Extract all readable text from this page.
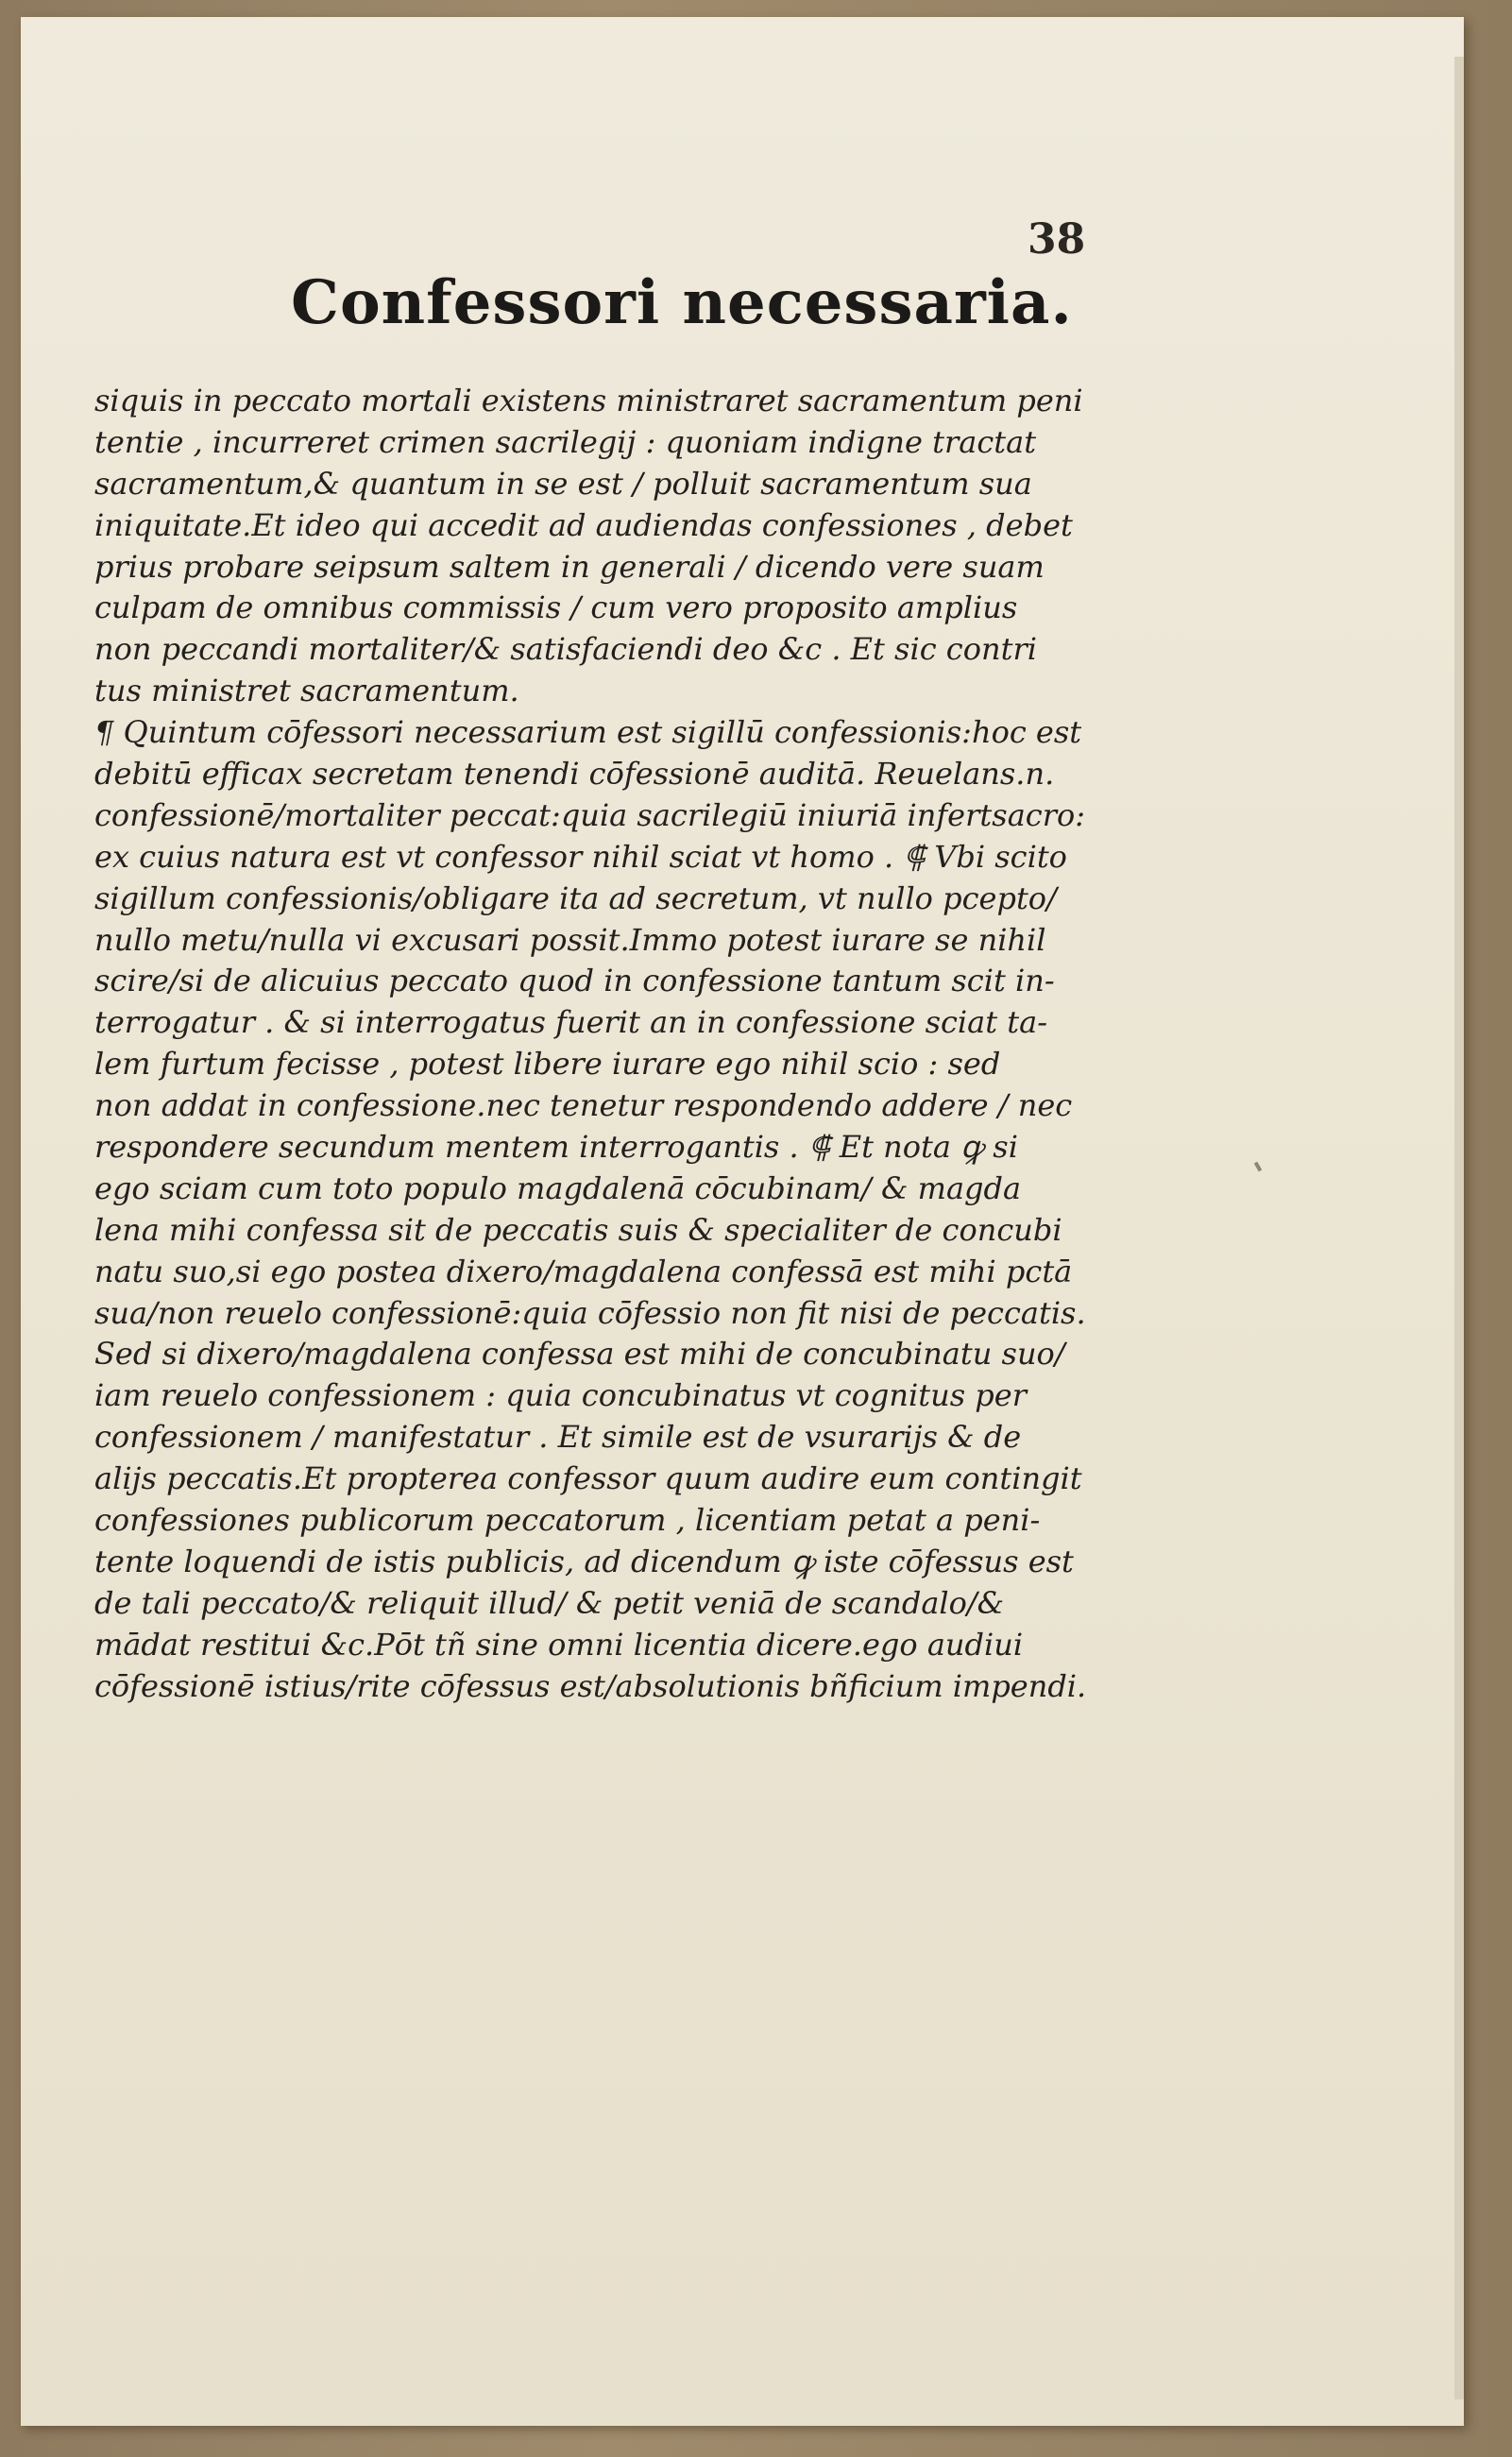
38
Confessori necessaria.
siquis in peccato mortali existens ministraret sacramentum peni
tentie , incurreret crimen sacrilegij : quoniam indigne tractat
sacramentum,& quantum in se est / polluit sacramentum sua
iniquitate.Et ideo qui accedit ad audiendas confessiones , debet
prius probare seipsum saltem in generali / dicendo vere suam
culpam de omnibus commissis / cum vero proposito amplius
non peccandi mortaliter/& satisfaciendi deo &c . Et sic contri
tus ministret sacramentum.
¶ Quintum cōfessori necessarium est sigillū confessionis:hoc est
debitū efficax secretam tenendi cōfessionē auditā. Reuelans.n.
confessionē/mortaliter peccat:quia sacrilegiū iniuriā infertsacro:
ex cuius natura est vt confessor nihil sciat vt homo . ⸿ Vbi scito
sigillum confessionis/obligare ita ad secretum, vt nullo pcepto/
nullo metu/nulla vi excusari possit.Immo potest iurare se nihil
scire/si de alicuius peccato quod in confessione tantum scit in-
terrogatur . & si interrogatus fuerit an in confessione sciat ta-
lem furtum fecisse , potest libere iurare ego nihil scio : sed
non addat in confessione.nec tenetur respondendo addere / nec
respondere secundum mentem interrogantis . ⸿ Et nota ꝙ si
ego sciam cum toto populo magdalenā cōcubinam/ & magda
lena mihi confessa sit de peccatis suis & specialiter de concubi
natu suo,si ego postea dixero/magdalena confessā est mihi pctā
sua/non reuelo confessionē:quia cōfessio non fit nisi de peccatis.
Sed si dixero/magdalena confessa est mihi de concubinatu suo/
iam reuelo confessionem : quia concubinatus vt cognitus per
confessionem / manifestatur . Et simile est de vsurarijs & de
alijs peccatis.Et propterea confessor quum audire eum contingit
confessiones publicorum peccatorum , licentiam petat a peni-
tente loquendi de istis publicis, ad dicendum ꝙ iste cōfessus est
de tali peccato/& reliquit illud/ & petit veniā de scandalo/&
mādat restitui &c.Pōt tñ sine omni licentia dicere.ego audiui
cōfessionē istius/rite cōfessus est/absolutionis bñficium impendi.
